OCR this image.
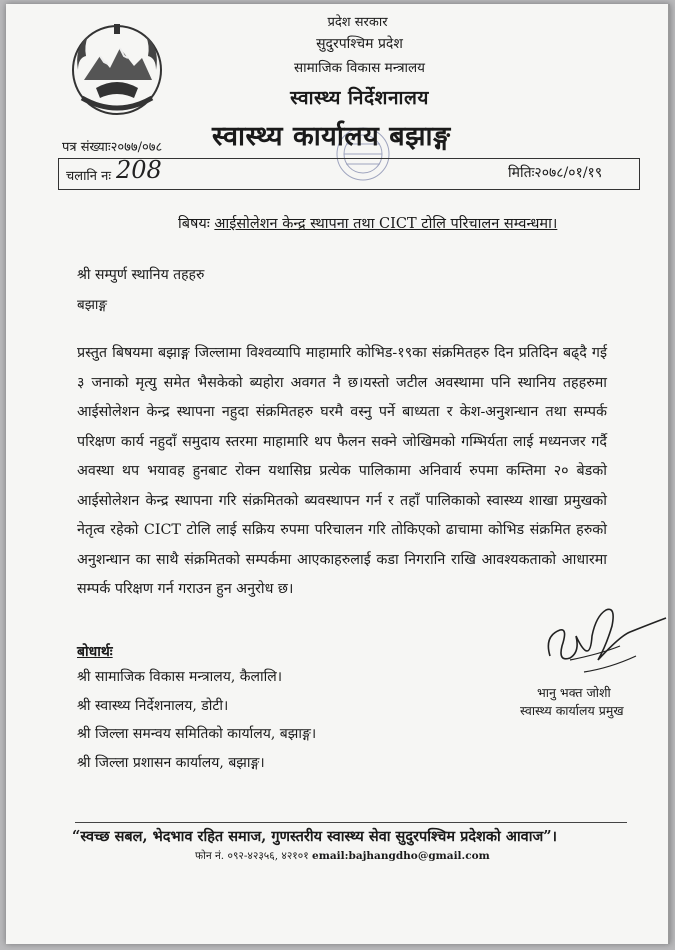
प्रदेश सरकार
सुदुरपश्चिम प्रदेश
सामाजिक विकास मन्त्रालय
स्वास्थ्य निर्देशनालय
पत्र संख्याः२०७७/०७८ स्वास्थ्य कार्यालय बझाङ्ग
चलानि नः 208	मितिः२०७८/०१/१९
बिषयः आईसोलेशन केन्द्र स्थापना तथा CICT टोलि परिचालन सम्वन्धमा।
श्री सम्पुर्ण स्थानिय तहहरु
बझाङ्ग
प्रस्तुत बिषयमा बझाङ्ग जिल्लामा विश्वव्यापि माहामारि कोभिड-१९का संक्रमितहरु दिन प्रतिदिन बढ्दै गई ३ जनाको मृत्यु समेत भैसकेको ब्यहोरा अवगत नै छ।यस्तो जटील अवस्थामा पनि स्थानिय तहहरुमा आईसोलेशन केन्द्र स्थापना नहुदा संक्रमितहरु घरमै वस्नु पर्ने बाध्यता र केश-अनुशन्धान तथा सम्पर्क परिक्षण कार्य नहुदाँ समुदाय स्तरमा माहामारि थप फैलन सक्ने जोखिमको गम्भिर्यता लाई मध्यनजर गर्दै अवस्था थप भयावह हुनबाट रोक्न यथासिघ्र प्रत्येक पालिकामा अनिवार्य रुपमा कम्तिमा २० बेडको आईसोलेशन केन्द्र स्थापना गरि संक्रमितको ब्यवस्थापन गर्न र तहाँ पालिकाको स्वास्थ्य शाखा प्रमुखको नेतृत्व रहेको CICT टोलि लाई सक्रिय रुपमा परिचालन गरि तोकिएको ढाचामा कोभिड संक्रमित हरुको अनुशन्धान का साथै संक्रमितको सम्पर्कमा आएकाहरुलाई कडा निगरानि राखि आवश्यकताको आधारमा सम्पर्क परिक्षण गर्न गराउन हुन अनुरोध छ।
बोधार्थः
श्री सामाजिक विकास मन्त्रालय, कैलालि।
श्री स्वास्थ्य निर्देशनालय, डोटी।
श्री जिल्ला समन्वय समितिको कार्यालय, बझाङ्ग।
श्री जिल्ला प्रशासन कार्यालय, बझाङ्ग।
भानु भक्त जोशी
स्वास्थ्य कार्यालय प्रमुख
“स्वच्छ सबल, भेदभाव रहित समाज, गुणस्तरीय स्वास्थ्य सेवा सुदुरपश्चिम प्रदेशको आवाज”।
फोन नं. ०९२-४२३५६, ४२१०१ email:bajhangdho@gmail.com
